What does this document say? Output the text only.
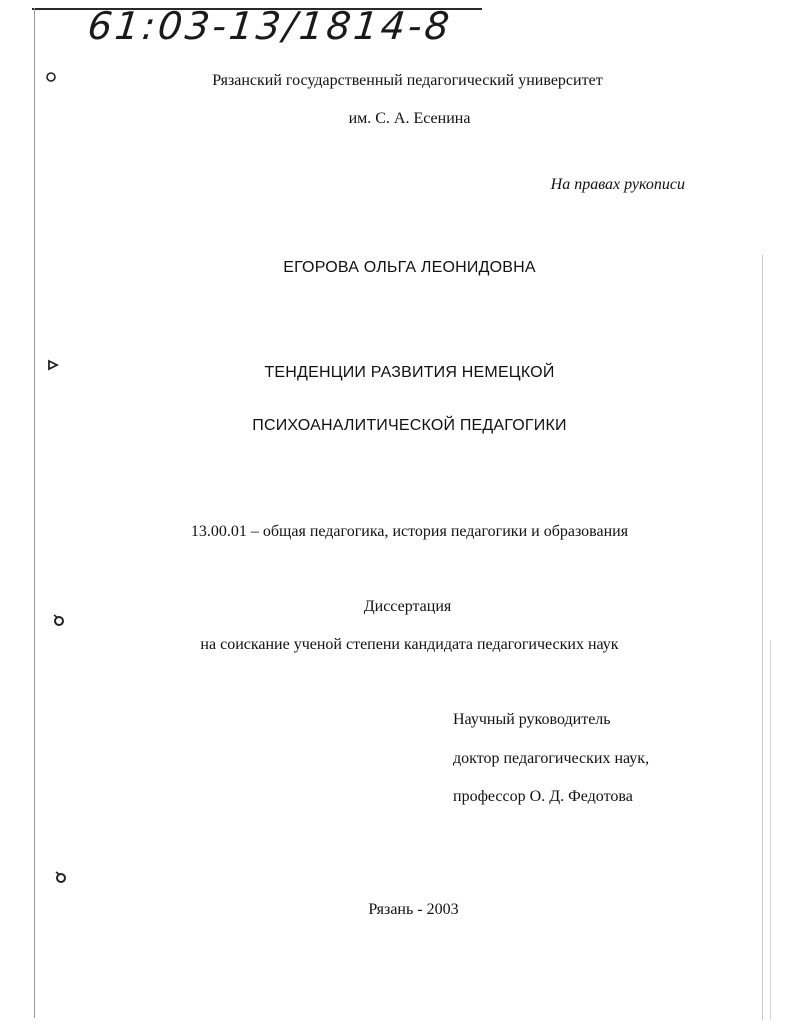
61:03-13/1814-8
Рязанский государственный педагогический университет
им. С. А. Есенина
На правах рукописи
ЕГОРОВА ОЛЬГА ЛЕОНИДОВНА
ТЕНДЕНЦИИ РАЗВИТИЯ НЕМЕЦКОЙ
ПСИХОАНАЛИТИЧЕСКОЙ ПЕДАГОГИКИ
13.00.01 – общая педагогика, история педагогики и образования
Диссертация
на соискание ученой степени кандидата педагогических наук
Научный руководитель
доктор педагогических наук,
профессор О. Д. Федотова
Рязань - 2003
